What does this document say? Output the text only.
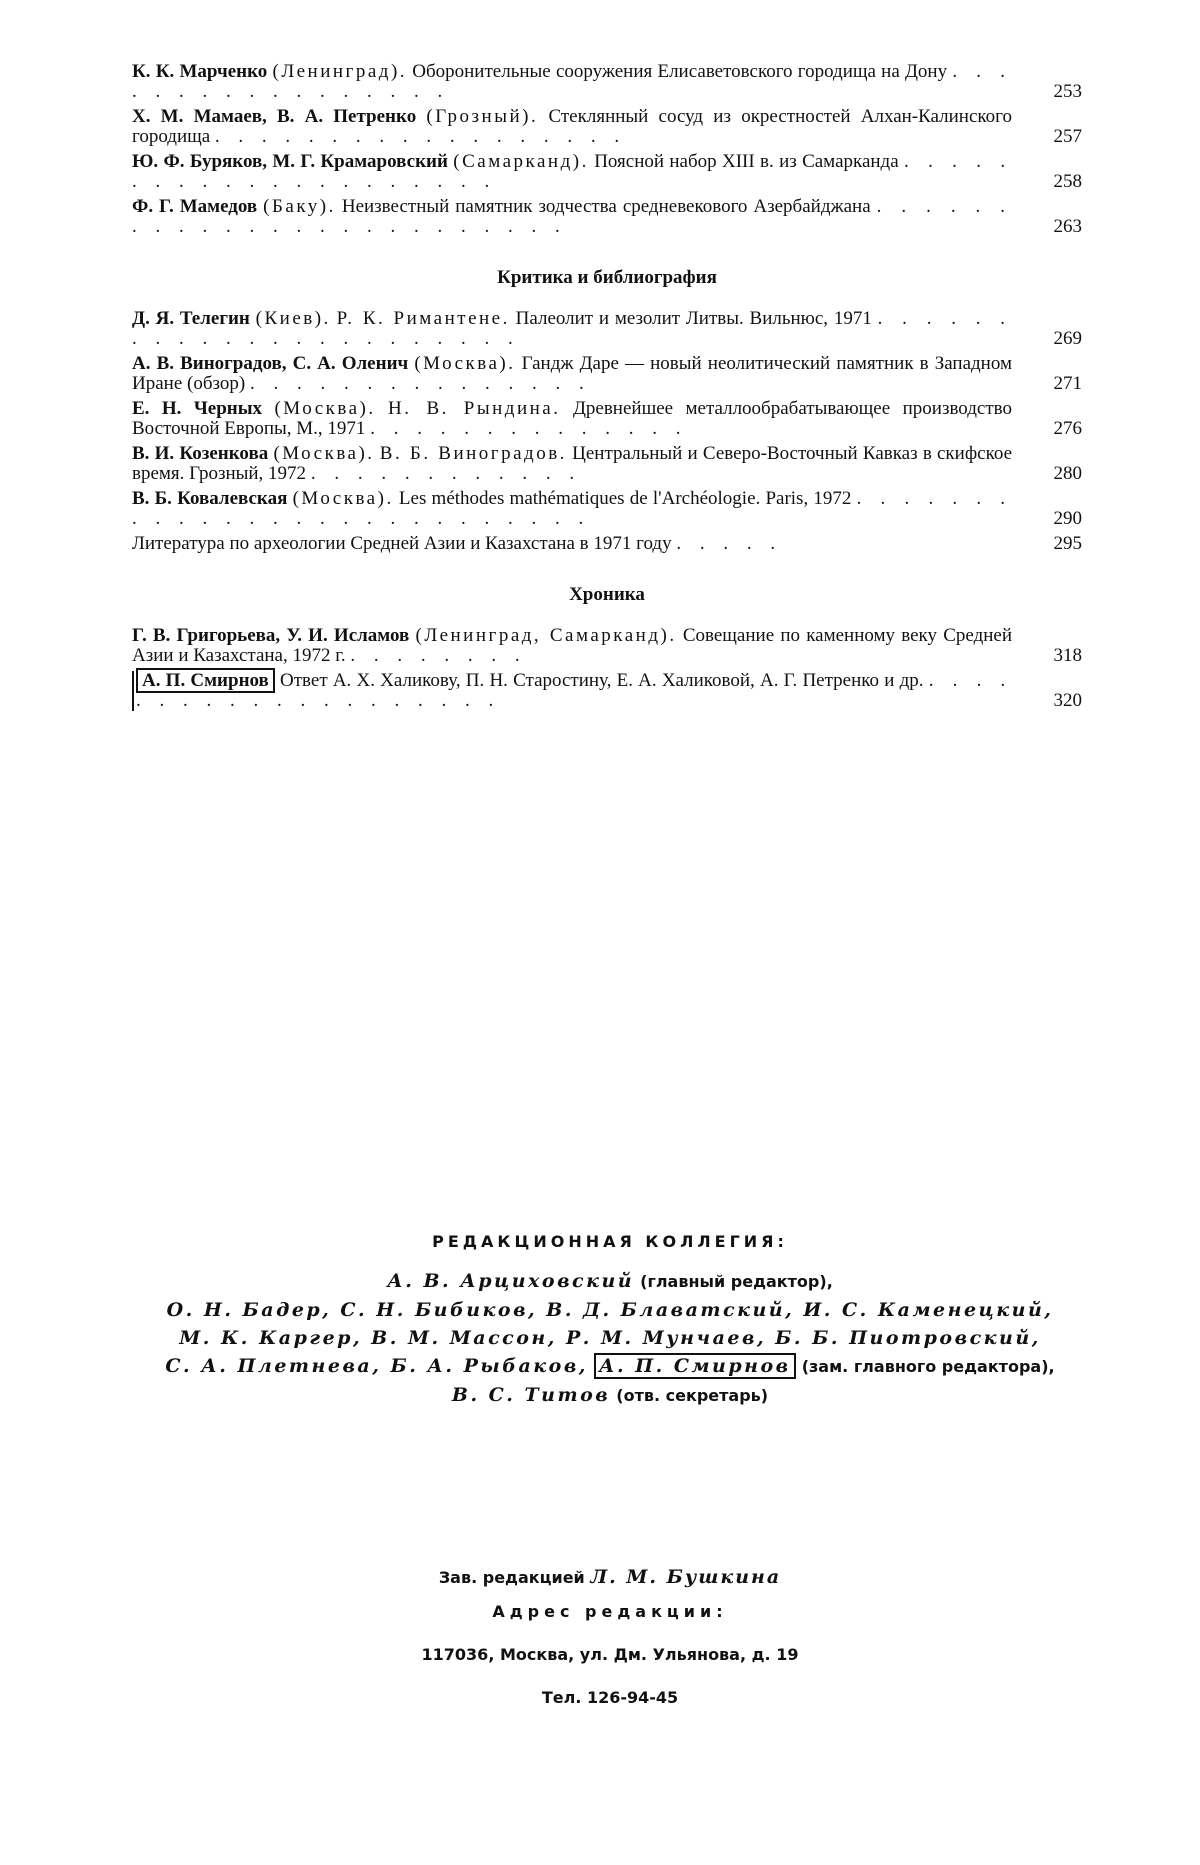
К. К. Марченко (Ленинград). Оборонительные сооружения Елисаветовского городища на Дону . . . . . . . . . . . . . . . . .	253
Х. М. Мамаев, В. А. Петренко (Грозный). Стеклянный сосуд из окрестностей Алхан-Калинского городища . . . . . . . . . . . . . . . . . .	257
Ю. Ф. Буряков, М. Г. Крамаровский (Самарканд). Поясной набор XIII в. из Самарканда . . . . . . . . . . . . . . . . . . . . .	258
Ф. Г. Мамедов (Баку). Неизвестный памятник зодчества средневекового Азербайджана . . . . . . . . . . . . . . . . . . . . . . . . .	263
Критика и библиография
Д. Я. Телегин (Киев). Р. К. Римантене. Палеолит и мезолит Литвы. Вильнюс, 1971 . . . . . . . . . . . . . . . . . . . . . . .	269
А. В. Виноградов, С. А. Оленич (Москва). Гандж Даре — новый неолитический памятник в Западном Иране (обзор) . . . . . . . . . . . . . . .	271
Е. Н. Черных (Москва). Н. В. Рындина. Древнейшее металлообрабатывающее производство Восточной Европы, М., 1971 . . . . . . . . . . . . . .	276
В. И. Козенкова (Москва). В. Б. Виноградов. Центральный и Северо-Восточный Кавказ в скифское время. Грозный, 1972 . . . . . . . . . . . .	280
В. Б. Ковалевская (Москва). Les méthodes mathématiques de l'Archéologie. Paris, 1972 . . . . . . . . . . . . . . . . . . . . . . . . . . .	290
Литература по археологии Средней Азии и Казахстана в 1971 году . . . . .	295
Хроника
Г. В. Григорьева, У. И. Исламов (Ленинград, Самарканд). Совещание по каменному веку Средней Азии и Казахстана, 1972 г. . . . . . . . .	318
А. П. Смирнов Ответ А. Х. Халикову, П. Н. Старостину, Е. А. Халиковой, А. Г. Петренко и др. . . . . . . . . . . . . . . . . . . . .	320
РЕДАКЦИОННАЯ КОЛЛЕГИЯ:
А. В. Арциховский (главный редактор),
О. Н. Бадер, С. Н. Бибиков, В. Д. Блаватский, И. С. Каменецкий,
М. К. Каргер, В. М. Массон, Р. М. Мунчаев, Б. Б. Пиотровский,
С. А. Плетнева, Б. А. Рыбаков, А. П. Смирнов (зам. главного редактора),
В. С. Титов (отв. секретарь)
Зав. редакцией Л. М. Бушкина
Адрес редакции:
117036, Москва, ул. Дм. Ульянова, д. 19
Тел. 126-94-45
